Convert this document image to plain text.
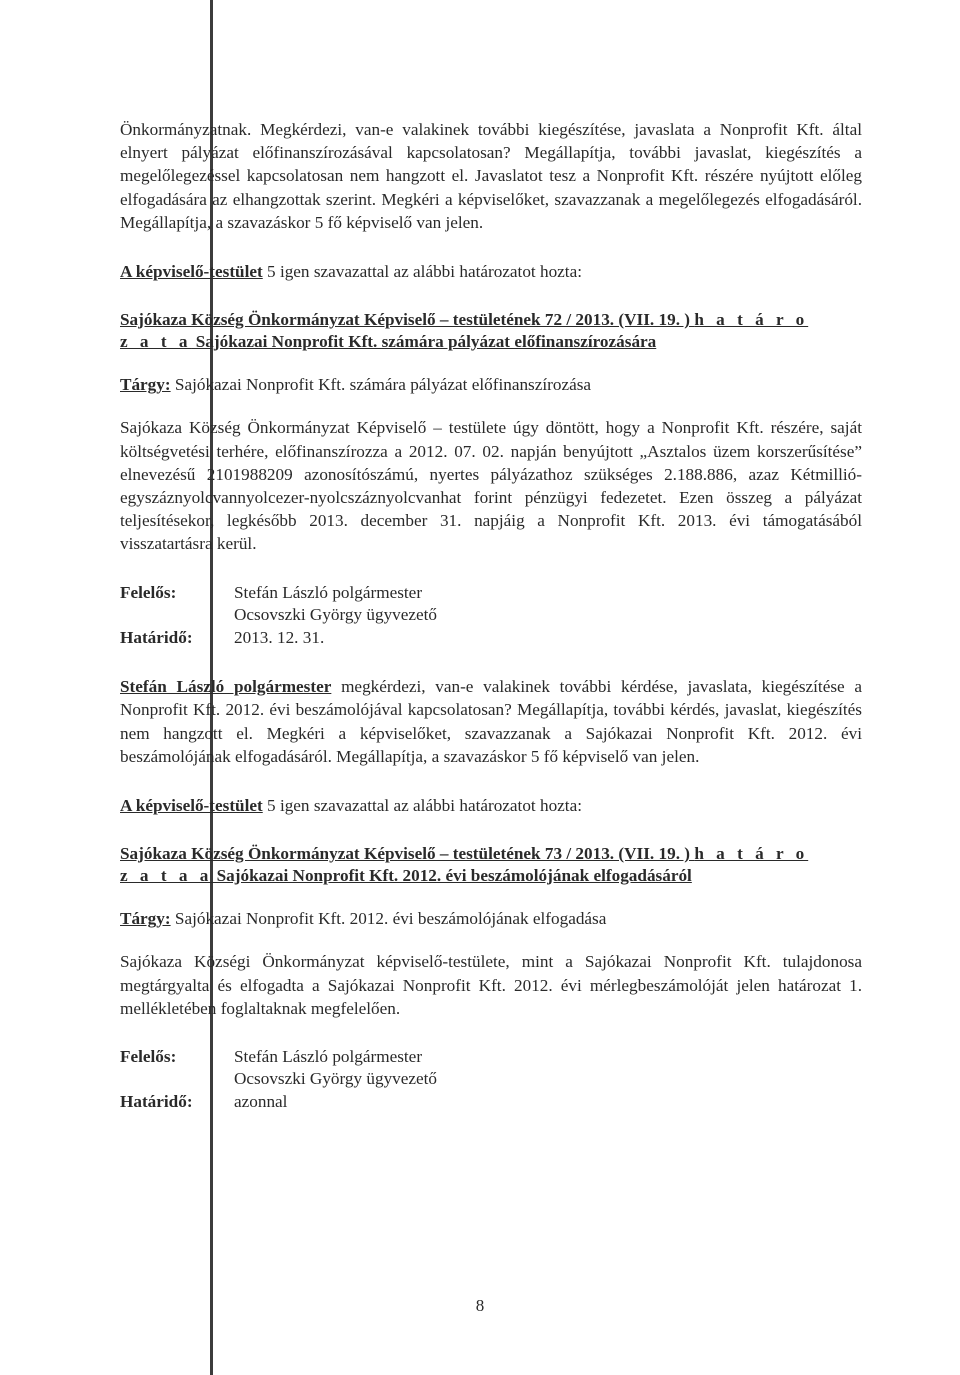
Önkormányzatnak. Megkérdezi, van-e valakinek további kiegészítése, javaslata a Nonprofit Kft. által elnyert pályázat előfinanszírozásával kapcsolatosan? Megállapítja, további javaslat, kiegészítés a megelőlegezéssel kapcsolatosan nem hangzott el. Javaslatot tesz a Nonprofit Kft. részére nyújtott előleg elfogadására az elhangzottak szerint. Megkéri a képviselőket, szavazzanak a megelőlegezés elfogadásáról. Megállapítja, a szavazáskor 5 fő képviselő van jelen.

A képviselő-testület 5 igen szavazattal az alábbi határozatot hozta:

Sajókaza Község Önkormányzat Képviselő – testületének 72 / 2013. (VII. 19. ) h a t á r o

z a t a Sajókazai Nonprofit Kft. számára pályázat előfinanszírozására

Tárgy: Sajókazai Nonprofit Kft. számára pályázat előfinanszírozása

Sajókaza Község Önkormányzat Képviselő – testülete úgy döntött, hogy a Nonprofit Kft. részére, saját költségvetési terhére, előfinanszírozza a 2012. 07. 02. napján benyújtott „Asztalos üzem korszerűsítése” elnevezésű 2101988209 azonosítószámú, nyertes pályázathoz szükséges 2.188.886, azaz Kétmillió-egyszáznyolcvannyolcezer-nyolcszáznyolcvanhat forint pénzügyi fedezetet. Ezen összeg a pályázat teljesítésekor, legkésőbb 2013. december 31. napjáig a Nonprofit Kft. 2013. évi támogatásából visszatartásra kerül.

Felelős:	Stefán László polgármester
Ocsovszki György ügyvezető
Határidő:	2013. 12. 31.

Stefán László polgármester megkérdezi, van-e valakinek további kérdése, javaslata, kiegészítése a Nonprofit Kft. 2012. évi beszámolójával kapcsolatosan? Megállapítja, további kérdés, javaslat, kiegészítés nem hangzott el. Megkéri a képviselőket, szavazzanak a Sajókazai Nonprofit Kft. 2012. évi beszámolójának elfogadásáról. Megállapítja, a szavazáskor 5 fő képviselő van jelen.

A képviselő-testület 5 igen szavazattal az alábbi határozatot hozta:

Sajókaza Község Önkormányzat Képviselő – testületének 73 / 2013. (VII. 19. ) h a t á r o

z a t a a Sajókazai Nonprofit Kft. 2012. évi beszámolójának elfogadásáról

Tárgy: Sajókazai Nonprofit Kft. 2012. évi beszámolójának elfogadása

Sajókaza Községi Önkormányzat képviselő-testülete, mint a Sajókazai Nonprofit Kft. tulajdonosa megtárgyalta és elfogadta a Sajókazai Nonprofit Kft. 2012. évi mérlegbeszámolóját jelen határozat 1. mellékletében foglaltaknak megfelelően.

Felelős:	Stefán László polgármester
Ocsovszki György ügyvezető
Határidő:	azonnal
8
